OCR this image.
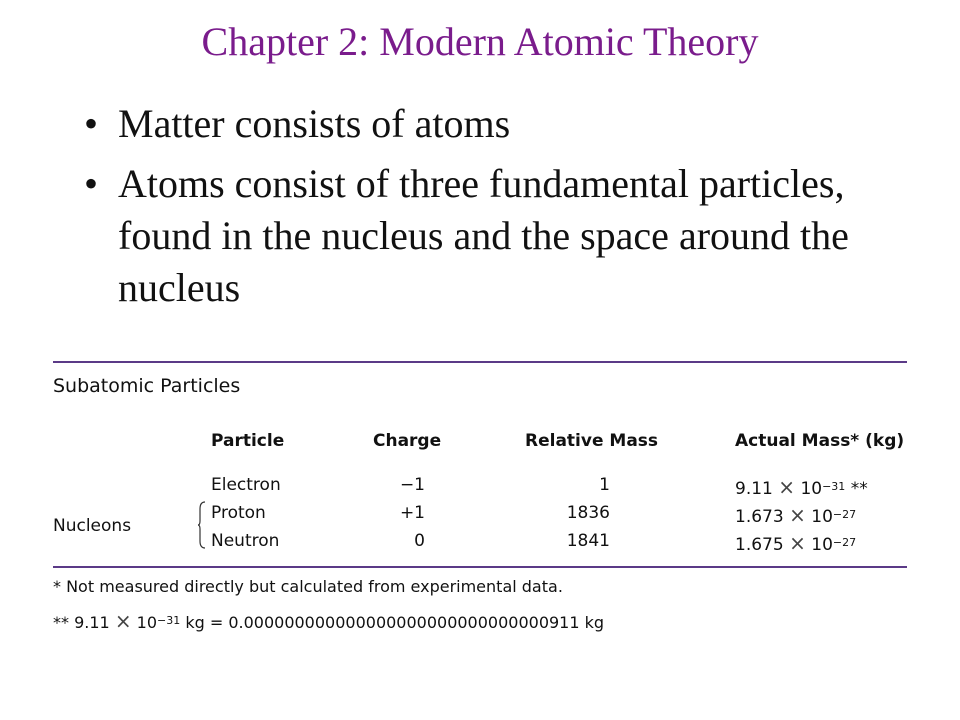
Chapter 2: Modern Atomic Theory
• Matter consists of atoms
• Atoms consist of three fundamental particles, found in the nucleus and the space around the nucleus
Subatomic Particles
Particle	Charge	Relative Mass	Actual Mass* (kg)
Electron	−1	1	$9.11 \times 10^{-31}$ **
Proton	+1	1836	$1.673 \times 10^{-27}$
Neutron	0	1841	$1.675 \times 10^{-27}$
Nucleons
* Not measured directly but calculated from experimental data.
** $9.11 \times 10^{-31}$ kg = 0.000000000000000000000000000000911 kg
